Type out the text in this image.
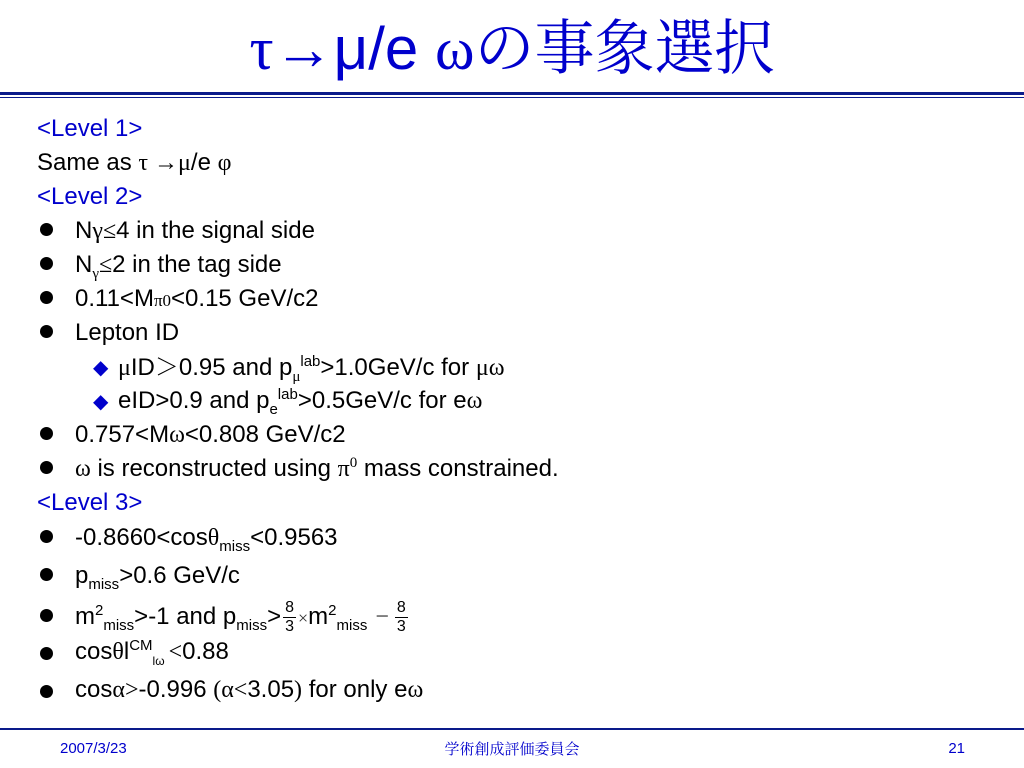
τ→μ/e ωの事象選択
<Level 1>
Same as τ →μ/e φ
<Level 2>
Nγ≤4 in the signal side
$N_\gamma\le 2$ in the tag side
0.11<Mπ0<0.15 GeV/c2
Lepton ID
◆ μID＞0.95 and $p_\mu^{lab}>1.0GeV/c$ for μω
◆ eID>0.9 and $p_e^{lab}>0.5GeV/c$ for eω
0.757<Mω<0.808 GeV/c2
ω is reconstructed using $\pi^0$ mass constrained.
<Level 3>
-0.8660<cosθ$_{miss}$<0.9563
$p_{miss}>0.6$ GeV/c
$m^2_{miss}>-1$ and $p_{miss}> \frac{8}{3} \times m^2_{miss} - \frac{8}{3}$
cosθl$^{CM}_{l\omega}$ <0.88
cosα>-0.996 (α<3.05) for only eω
2007/3/23	学術創成評価委員会	21
